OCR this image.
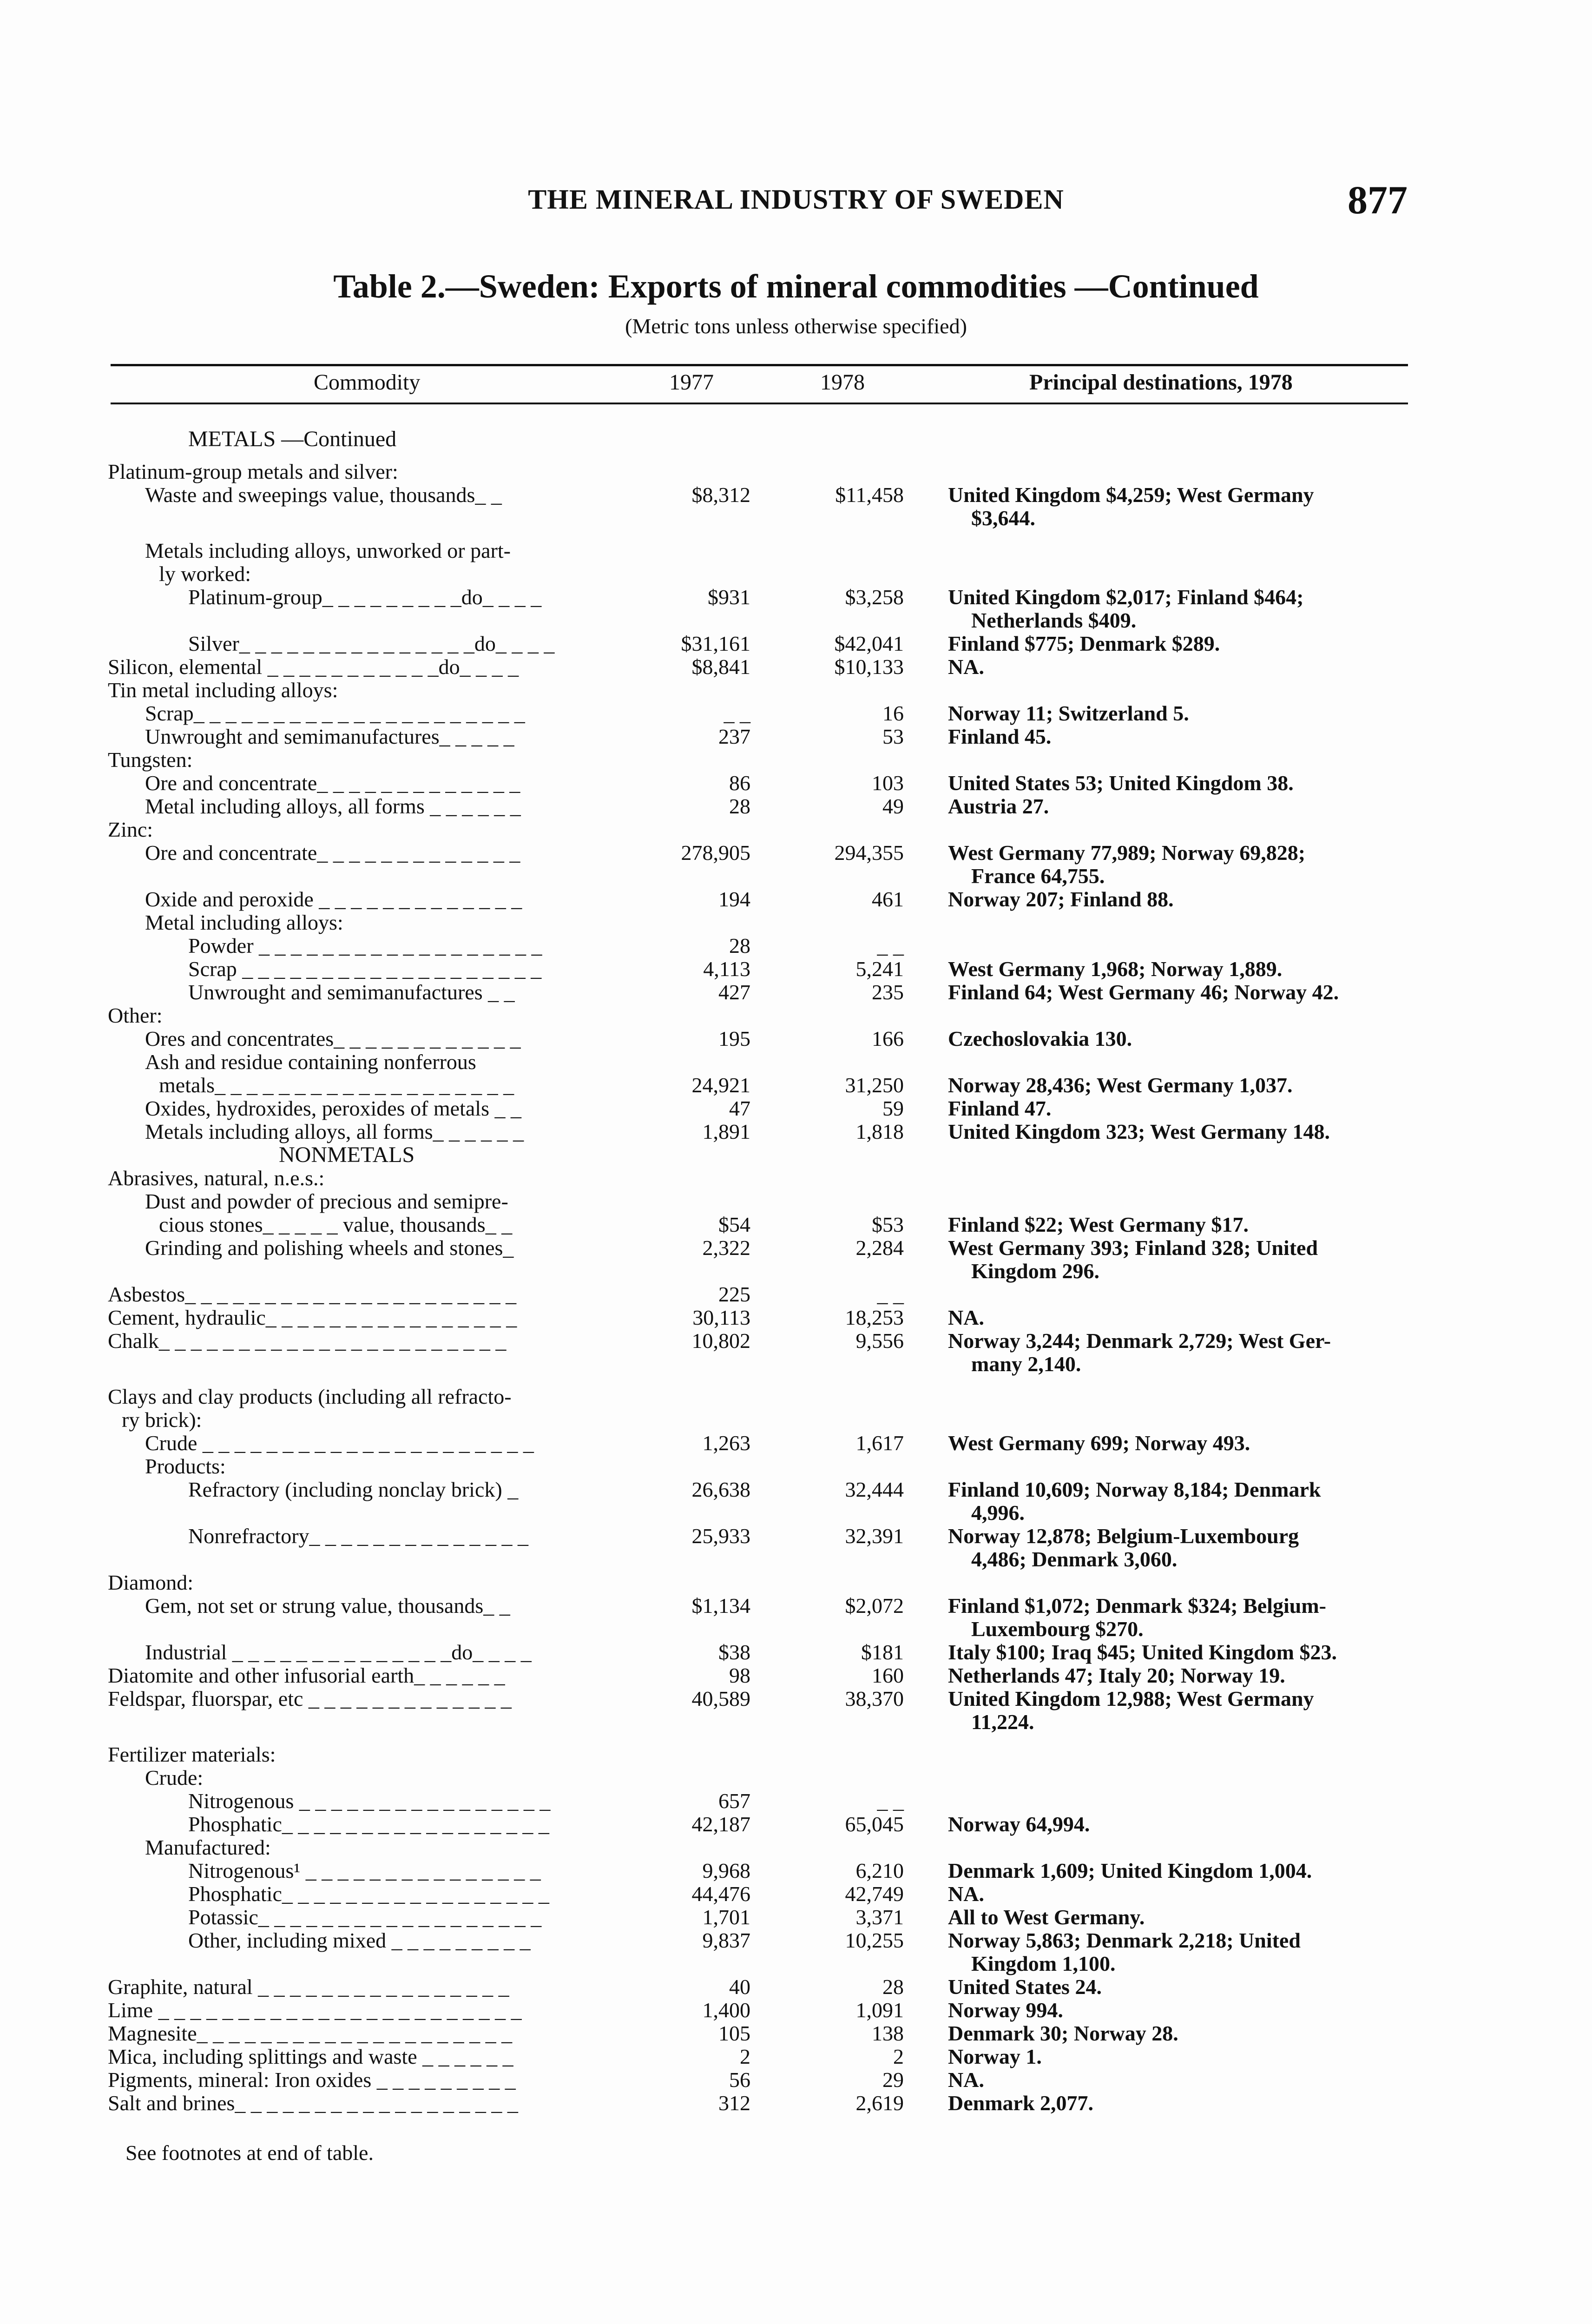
THE MINERAL INDUSTRY OF SWEDEN	877
Table 2.—Sweden: Exports of mineral commodities —Continued
(Metric tons unless otherwise specified)
Commodity	1977	1978	Principal destinations, 1978
METALS —Continued
Platinum-group metals and silver:
Waste and sweepings value, thousands_ _	$8,312	$11,458 United Kingdom $4,259; West Germany
$3,644.
Metals including alloys, unworked or part-
ly worked:
Platinum-group_ _ _ _ _ _ _ _ _do_ _ _ _	$931	$3,258 United Kingdom $2,017; Finland $464;
Netherlands $409.
Silver_ _ _ _ _ _ _ _ _ _ _ _ _ _ _do_ _ _ _	$31,161	$42,041 Finland $775; Denmark $289.
Silicon, elemental _ _ _ _ _ _ _ _ _ _ _do_ _ _ _	$8,841	$10,133 NA.
Tin metal including alloys:
Scrap_ _ _ _ _ _ _ _ _ _ _ _ _ _ _ _ _ _ _ _ _	_ _	16 Norway 11; Switzerland 5.
Unwrought and semimanufactures_ _ _ _ _	237	53 Finland 45.
Tungsten:
Ore and concentrate_ _ _ _ _ _ _ _ _ _ _ _ _	86	103 United States 53; United Kingdom 38.
Metal including alloys, all forms _ _ _ _ _ _	28	49 Austria 27.
Zinc:
Ore and concentrate_ _ _ _ _ _ _ _ _ _ _ _ _	278,905	294,355 West Germany 77,989; Norway 69,828;
France 64,755.
Oxide and peroxide _ _ _ _ _ _ _ _ _ _ _ _ _	194	461 Norway 207; Finland 88.
Metal including alloys:
Powder _ _ _ _ _ _ _ _ _ _ _ _ _ _ _ _ _ _	28	_ _
Scrap _ _ _ _ _ _ _ _ _ _ _ _ _ _ _ _ _ _ _	4,113	5,241 West Germany 1,968; Norway 1,889.
Unwrought and semimanufactures _ _	427	235 Finland 64; West Germany 46; Norway 42.
Other:
Ores and concentrates_ _ _ _ _ _ _ _ _ _ _ _	195	166 Czechoslovakia 130.
Ash and residue containing nonferrous
metals_ _ _ _ _ _ _ _ _ _ _ _ _ _ _ _ _ _ _	24,921	31,250 Norway 28,436; West Germany 1,037.
Oxides, hydroxides, peroxides of metals _ _	47	59 Finland 47.
Metals including alloys, all forms_ _ _ _ _ _	1,891	1,818 United Kingdom 323; West Germany 148.
NONMETALS
Abrasives, natural, n.e.s.:
Dust and powder of precious and semipre-
cious stones_ _ _ _ _ value, thousands_ _	$54	$53 Finland $22; West Germany $17.
Grinding and polishing wheels and stones_	2,322	2,284 West Germany 393; Finland 328; United
Kingdom 296.
Asbestos_ _ _ _ _ _ _ _ _ _ _ _ _ _ _ _ _ _ _ _ _	225	_ _
Cement, hydraulic_ _ _ _ _ _ _ _ _ _ _ _ _ _ _ _	30,113	18,253 NA.
Chalk_ _ _ _ _ _ _ _ _ _ _ _ _ _ _ _ _ _ _ _ _ _	10,802	9,556 Norway 3,244; Denmark 2,729; West Ger-
many 2,140.
Clays and clay products (including all refracto-
ry brick):
Crude _ _ _ _ _ _ _ _ _ _ _ _ _ _ _ _ _ _ _ _ _	1,263	1,617 West Germany 699; Norway 493.
Products:
Refractory (including nonclay brick) _	26,638	32,444 Finland 10,609; Norway 8,184; Denmark
4,996.
Nonrefractory_ _ _ _ _ _ _ _ _ _ _ _ _ _	25,933	32,391 Norway 12,878; Belgium-Luxembourg
4,486; Denmark 3,060.
Diamond:
Gem, not set or strung value, thousands_ _	$1,134	$2,072 Finland $1,072; Denmark $324; Belgium-
Luxembourg $270.
Industrial _ _ _ _ _ _ _ _ _ _ _ _ _ _do_ _ _ _	$38	$181 Italy $100; Iraq $45; United Kingdom $23.
Diatomite and other infusorial earth_ _ _ _ _ _	98	160 Netherlands 47; Italy 20; Norway 19.
Feldspar, fluorspar, etc _ _ _ _ _ _ _ _ _ _ _ _ _	40,589	38,370 United Kingdom 12,988; West Germany
11,224.
Fertilizer materials:
Crude:
Nitrogenous _ _ _ _ _ _ _ _ _ _ _ _ _ _ _ _	657	_ _
Phosphatic_ _ _ _ _ _ _ _ _ _ _ _ _ _ _ _ _	42,187	65,045 Norway 64,994.
Manufactured:
Nitrogenous¹ _ _ _ _ _ _ _ _ _ _ _ _ _ _ _	9,968	6,210 Denmark 1,609; United Kingdom 1,004.
Phosphatic_ _ _ _ _ _ _ _ _ _ _ _ _ _ _ _ _	44,476	42,749 NA.
Potassic_ _ _ _ _ _ _ _ _ _ _ _ _ _ _ _ _ _	1,701	3,371 All to West Germany.
Other, including mixed _ _ _ _ _ _ _ _ _	9,837	10,255 Norway 5,863; Denmark 2,218; United
Kingdom 1,100.
Graphite, natural _ _ _ _ _ _ _ _ _ _ _ _ _ _ _ _	40	28 United States 24.
Lime _ _ _ _ _ _ _ _ _ _ _ _ _ _ _ _ _ _ _ _ _ _ _	1,400	1,091 Norway 994.
Magnesite_ _ _ _ _ _ _ _ _ _ _ _ _ _ _ _ _ _ _ _	105	138 Denmark 30; Norway 28.
Mica, including splittings and waste _ _ _ _ _ _	2	2 Norway 1.
Pigments, mineral: Iron oxides _ _ _ _ _ _ _ _ _	56	29 NA.
Salt and brines_ _ _ _ _ _ _ _ _ _ _ _ _ _ _ _ _ _	312	2,619 Denmark 2,077.
See footnotes at end of table.
